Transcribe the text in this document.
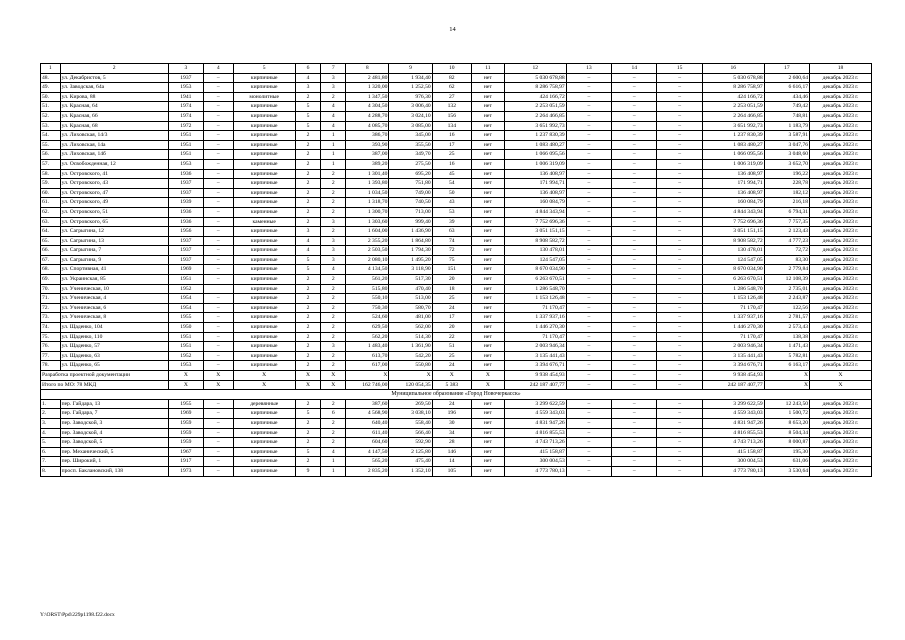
14
1	2	3	4	5	6	7	8	9	10	11	12	13	14	15	16	17	18
48.	ул. Декабристов, 5	1937	–	кирпичные	4	3	2 481,80	1 934,40	82	нет	5 030 678,88	–	–	–	5 030 678,88	2 600,64	декабрь 2023 г.
49.	ул. Заводская, 64а	1953	–	кирпичные	3	3	1 320,00	1 252,50	62	нет	8 286 758,97	–	–	–	8 286 758,97	6 616,17	декабрь 2023 г.
50.	ул. Кирова, 88	1941	–	монолитные	2	2	1 347,50	976,30	27	нет	424 166,72	–	–	–	424 166,72	434,46	декабрь 2023 г.
51.	ул. Красная, 64	1974	–	кирпичные	5	4	4 304,50	3 006,40	132	нет	2 253 051,59	–	–	–	2 253 051,59	749,42	декабрь 2023 г.
52.	ул. Красная, 66	1974	–	кирпичные	5	4	4 288,70	3 024,10	156	нет	2 264 466,85	–	–	–	2 264 466,85	748,81	декабрь 2023 г.
53.	ул. Красная, 68	1972	–	кирпичные	5	4	4 085,70	3 085,00	134	нет	3 651 992,73	–	–	–	3 651 992,73	1 183,79	декабрь 2023 г.
54.	ул. Лиховская, 14/3	1951	–	кирпичные	2	1	386,70	345,00	16	нет	1 237 830,39	–	–	–	1 237 830,39	3 587,91	декабрь 2023 г.
55.	ул. Лиховская, 14а	1951	–	кирпичные	2	1	393,90	355,50	17	нет	1 083 480,27	–	–	–	1 083 480,27	3 047,76	декабрь 2023 г.
56.	ул. Лиховская, 14б	1951	–	кирпичные	2	1	387,00	349,70	25	нет	1 066 095,56	–	–	–	1 066 095,56	3 048,60	декабрь 2023 г.
57.	ул. Освобожденная, 12	1953	–	кирпичные	2	1	389,20	275,50	16	нет	1 006 319,09	–	–	–	1 006 319,09	3 652,70	декабрь 2023 г.
58.	ул. Островского, 41	1936	–	кирпичные	2	2	1 301,40	695,20	45	нет	136 408,97	–	–	–	136 408,97	196,22	декабрь 2023 г.
59.	ул. Островского, 43	1937	–	кирпичные	2	2	1 393,80	751,80	54	нет	171 994,71	–	–	–	171 994,71	228,78	декабрь 2023 г.
60.	ул. Островского, 47	1937	–	кирпичные	2	2	1 034,50	749,00	50	нет	136 408,97	–	–	–	136 408,97	182,12	декабрь 2023 г.
61.	ул. Островского, 49	1939	–	кирпичные	2	2	1 318,70	740,50	43	нет	160 084,79	–	–	–	160 084,79	216,18	декабрь 2023 г.
62.	ул. Островского, 51	1936	–	кирпичные	2	2	1 300,70	713,00	53	нет	4 844 343,94	–	–	–	4 844 343,94	6 794,31	декабрь 2023 г.
63.	ул. Островского, 65	1936	–	каменные	2	3	1 303,60	999,40	39	нет	7 752 696,36	–	–	–	7 752 696,36	7 757,35	декабрь 2023 г.
64.	ул. Сагрыгина, 12	1956	–	кирпичные	3	2	1 604,00	1 436,90	63	нет	3 051 151,15	–	–	–	3 051 151,15	2 123,43	декабрь 2023 г.
65.	ул. Сагрыгина, 13	1937	–	кирпичные	4	3	2 355,20	1 864,80	74	нет	8 908 582,72	–	–	–	8 908 582,72	4 777,23	декабрь 2023 г.
66.	ул. Сагрыгина, 7	1937	–	кирпичные	4	3	2 503,50	1 794,30	72	нет	130 478,01	–	–	–	130 478,01	72,72	декабрь 2023 г.
67.	ул. Сагрыгина, 9	1937	–	кирпичные	5	3	2 080,10	1 495,20	75	нет	124 547,05	–	–	–	124 547,05	83,30	декабрь 2023 г.
68.	ул. Спортивная, 41	1969	–	кирпичные	5	4	4 134,50	3 118,90	151	нет	8 670 034,90	–	–	–	8 670 034,90	2 779,84	декабрь 2023 г.
69.	ул. Украинская, 85	1951	–	кирпичные	2	2	561,20	517,30	20	нет	6 263 670,51	–	–	–	6 263 670,51	12 108,39	декабрь 2023 г.
70.	ул. Ученическая, 10	1952		кирпичные	2	2	515,80	470,40	18	нет	1 286 548,70				1 286 548,70	2 735,01	декабрь 2023 г.
71.	ул. Ученическая, 4	1954	–	кирпичные	2	2	550,10	513,00	25	нет	1 153 126,48	–	–	–	1 153 126,48	2 243,87	декабрь 2023 г.
72.	ул. Ученическая, 6	1954	–	кирпичные	2	2	750,30	580,70	24	нет	71 170,47	–	–	–	71 170,47	122,56	декабрь 2023 г.
73.	ул. Ученическая, 8	1955	–	кирпичные	2	2	524,60	481,00	17	нет	1 337 937,16	–	–	–	1 337 937,16	2 781,57	декабрь 2023 г.
74.	ул. Щаденко, 104	1950	–	кирпичные	2	2	629,50	562,00	20	нет	1 446 270,30	–	–	–	1 446 270,30	2 573,43	декабрь 2023 г.
75.	ул. Щаденко, 110	1951	–	кирпичные	2	2	562,20	514,30	22	нет	71 170,47	–	–	–	71 170,47	138,38	декабрь 2023 г.
76.	ул. Щаденко, 57	1951	–	кирпичные	2	3	1 483,40	1 361,90	51	нет	2 003 946,34	–	–	–	2 003 946,34	1 471,43	декабрь 2023 г.
77.	ул. Щаденко, 63	1952	–	кирпичные	2	2	613,70	542,20	25	нет	3 135 441,43	–	–	–	3 135 441,43	5 782,81	декабрь 2023 г.
78.	ул. Щаденко, 65	1953	–	кирпичные	2	2	617,00	550,80	24	нет	3 394 676,71	–	–	–	3 394 676,71	6 163,17	декабрь 2023 г.
Разработка проектной документации		Х	Х	Х	Х	Х	Х	Х	Х	Х	9 938 454,93	–	–	–	9 938 454,93	Х	Х
Итого по МО: 78 МКД		Х	Х	Х	Х	Х	162 746,00	120 054,35	5 383	Х	242 187 407,77	–	–	–	242 187 407,77	Х	Х
Муниципальное образование «Город Новочеркасск»																	
1.	пер. Гайдара, 13	1955	–	деревянные	2	2	387,60	269,50	24	нет	3 299 622,59	–	–	–	3 299 622,59	12 243,50	декабрь 2023 г.
2.	пер. Гайдара, 7	1969	–	кирпичные	5	6	4 568,90	3 038,10	196	нет	4 559 343,03	–	–	–	4 559 343,03	1 500,72	декабрь 2023 г.
3.	пер. Заводской, 3	1959	–	кирпичные	2	2	640,40	558,40	30	нет	4 831 947,26	–	–	–	4 831 947,26	8 653,20	декабрь 2023 г.
4.	пер. Заводской, 4	1959	–	кирпичные	2	2	611,40	566,40	34	нет	4 816 855,53	–	–	–	4 816 855,53	8 504,34	декабрь 2023 г.
5.	пер. Заводской, 5	1959	–	кирпичные	2	2	604,60	592,90	28	нет	4 743 713,26	–	–	–	4 743 713,26	8 000,87	декабрь 2023 г.
6.	пер. Механический, 5	1967	–	кирпичные	5	4	4 147,50	2 125,80	146	нет	415 158,87	–	–	–	415 158,87	195,30	декабрь 2023 г.
7.	пер. Широкий, 1	1917	–	кирпичные	2	1	565,20	475,40	14	нет	300 004,53	–	–	–	300 004,53	631,06	декабрь 2023 г.
8.	просп. Баклановский, 138	1973	–	кирпичные	9	1	2 835,20	1 352,10	105	нет	4 773 780,13	–	–	–	4 773 780,13	3 530,64	декабрь 2023 г.
Y:\ORST\Ppd\229p1198.f22.docx
